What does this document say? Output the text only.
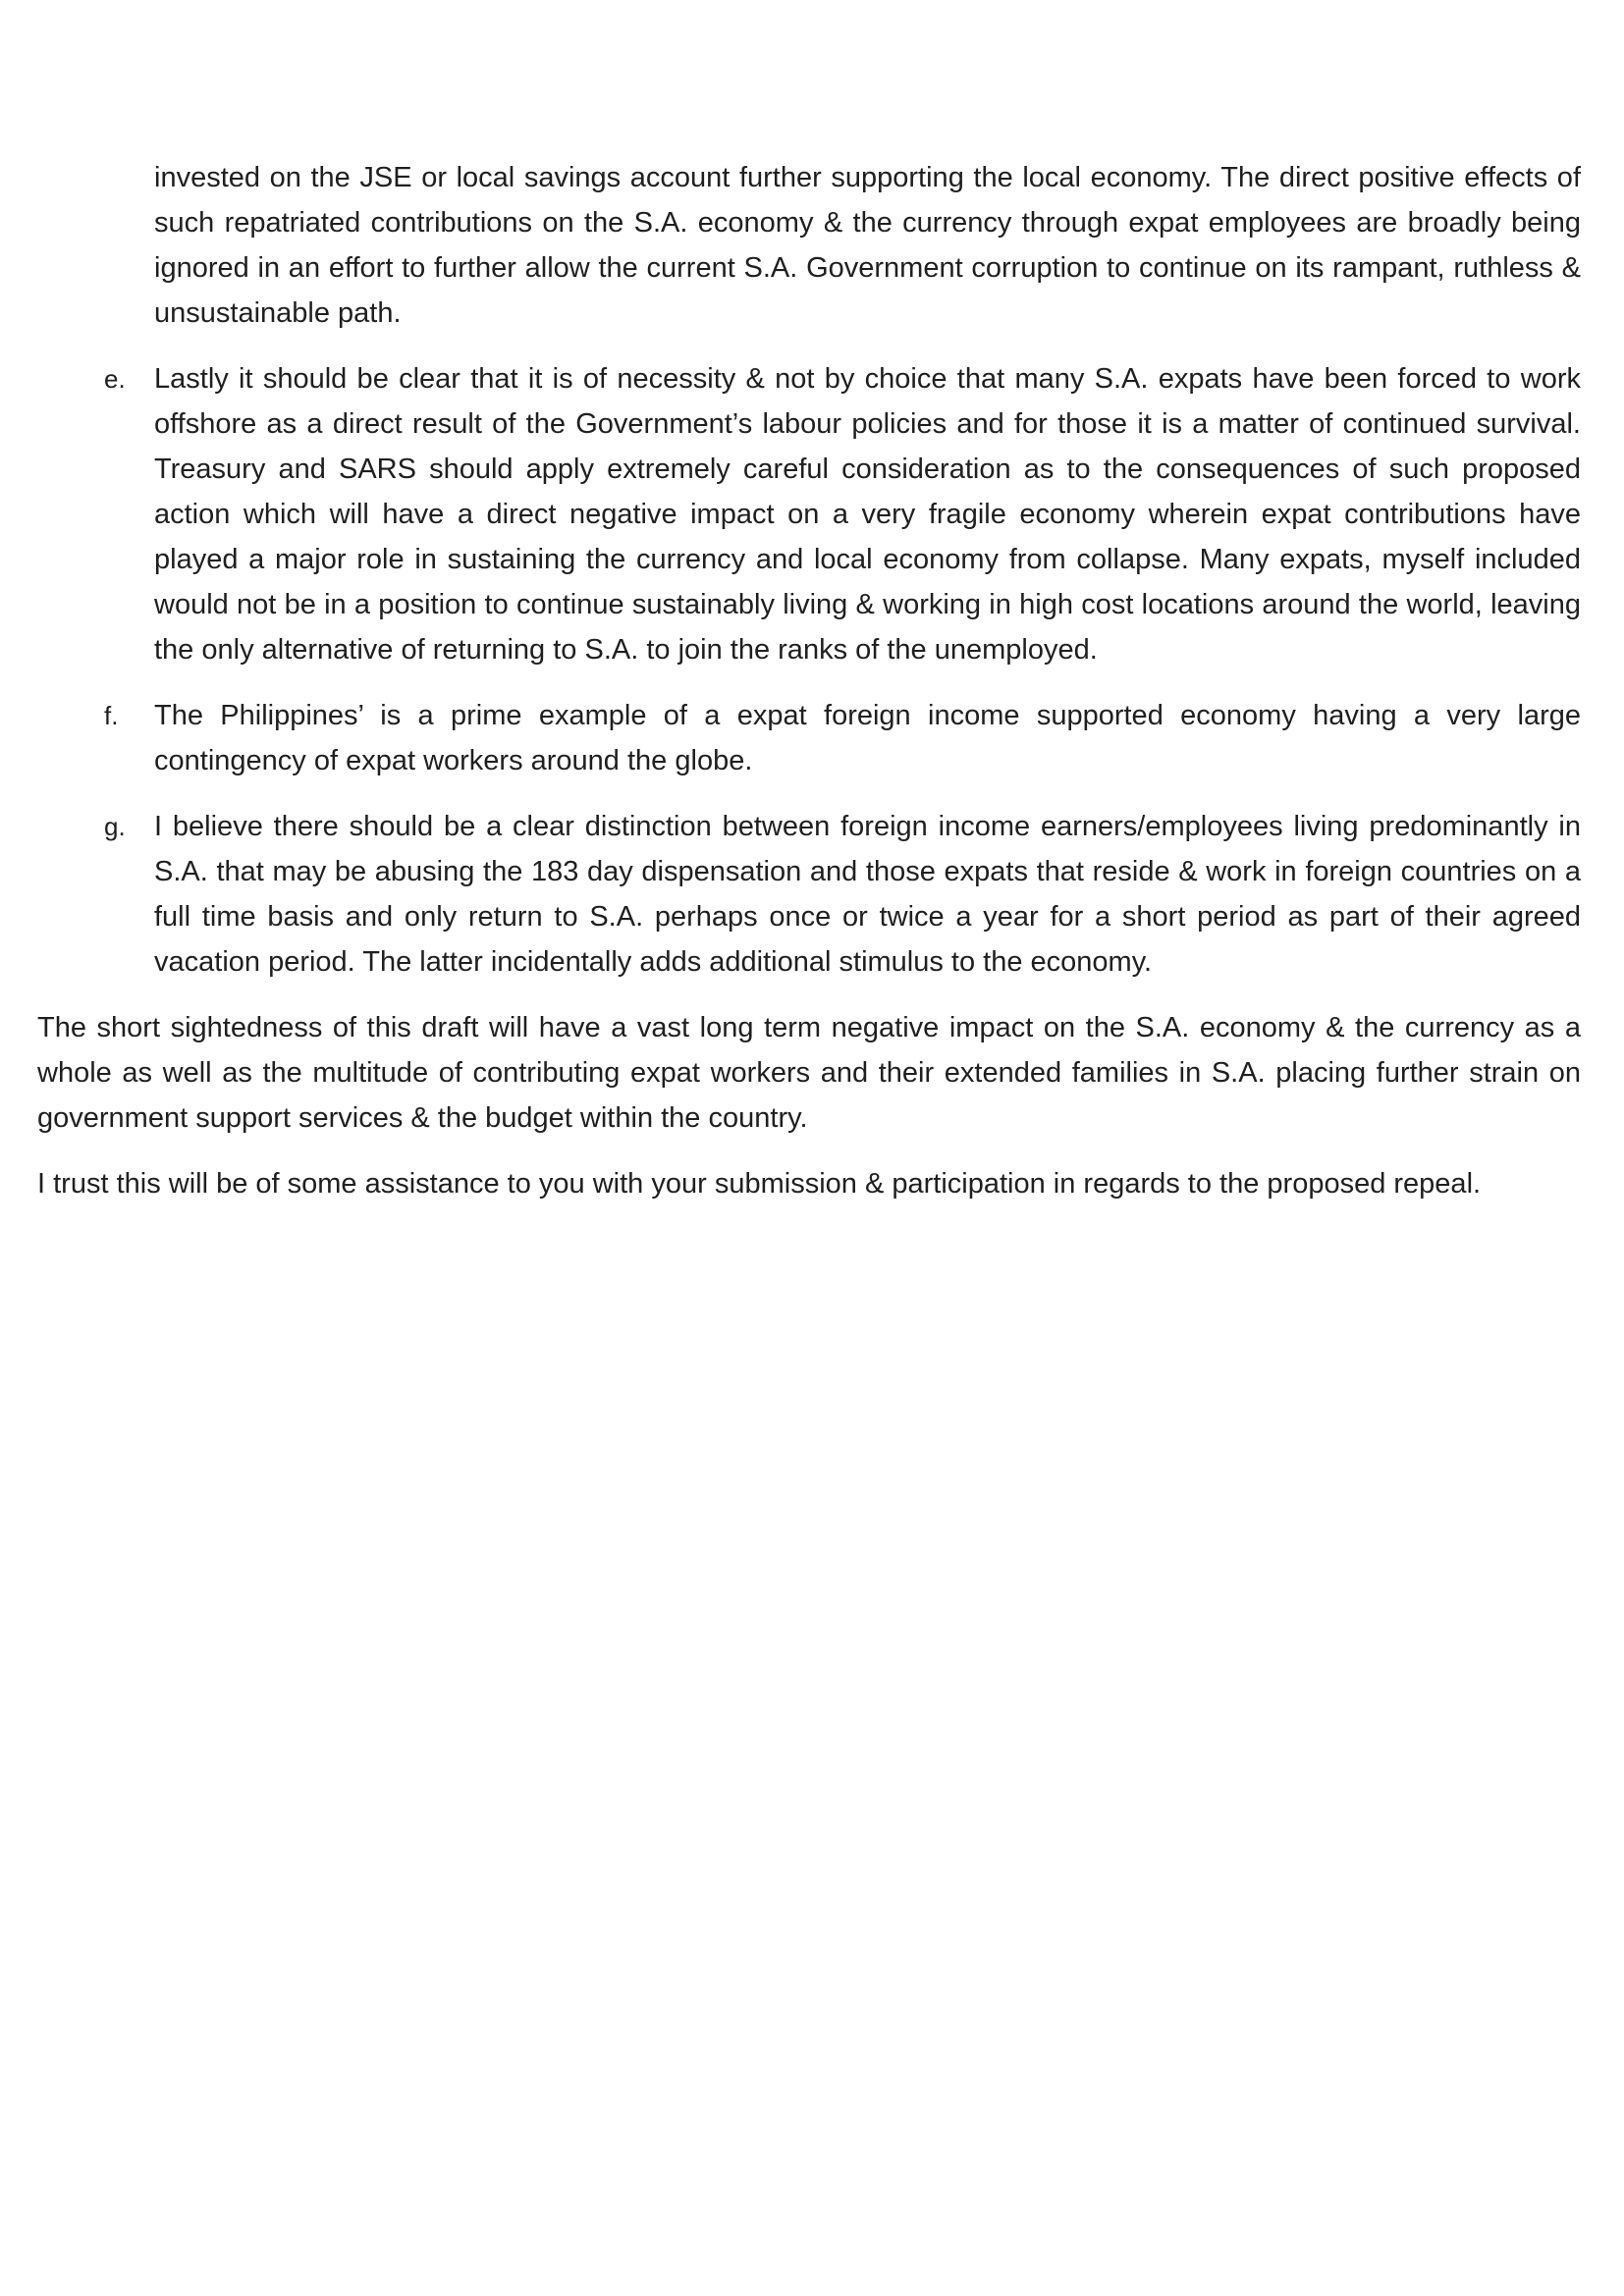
invested on the JSE or local savings account further supporting the local economy. The direct positive effects of such repatriated contributions on the S.A. economy & the currency through expat employees are broadly being ignored in an effort to further allow the current S.A. Government corruption to continue on its rampant, ruthless & unsustainable path.

e.	Lastly it should be clear that it is of necessity & not by choice that many S.A. expats have been forced to work offshore as a direct result of the Government’s labour policies and for those it is a matter of continued survival. Treasury and SARS should apply extremely careful consideration as to the consequences of such proposed action which will have a direct negative impact on a very fragile economy wherein expat contributions have played a major role in sustaining the currency and local economy from collapse. Many expats, myself included would not be in a position to continue sustainably living & working in high cost locations around the world, leaving the only alternative of returning to S.A. to join the ranks of the unemployed.

f.	The Philippines’ is a prime example of a expat foreign income supported economy having a very large contingency of expat workers around the globe.

g.	I believe there should be a clear distinction between foreign income earners/employees living predominantly in S.A. that may be abusing the 183 day dispensation and those expats that reside & work in foreign countries on a full time basis and only return to S.A. perhaps once or twice a year for a short period as part of their agreed vacation period. The latter incidentally adds additional stimulus to the economy.

The short sightedness of this draft will have a vast long term negative impact on the S.A. economy & the currency as a whole as well as the multitude of contributing expat workers and their extended families in S.A. placing further strain on government support services & the budget within the country.

I trust this will be of some assistance to you with your submission & participation in regards to the proposed repeal.
